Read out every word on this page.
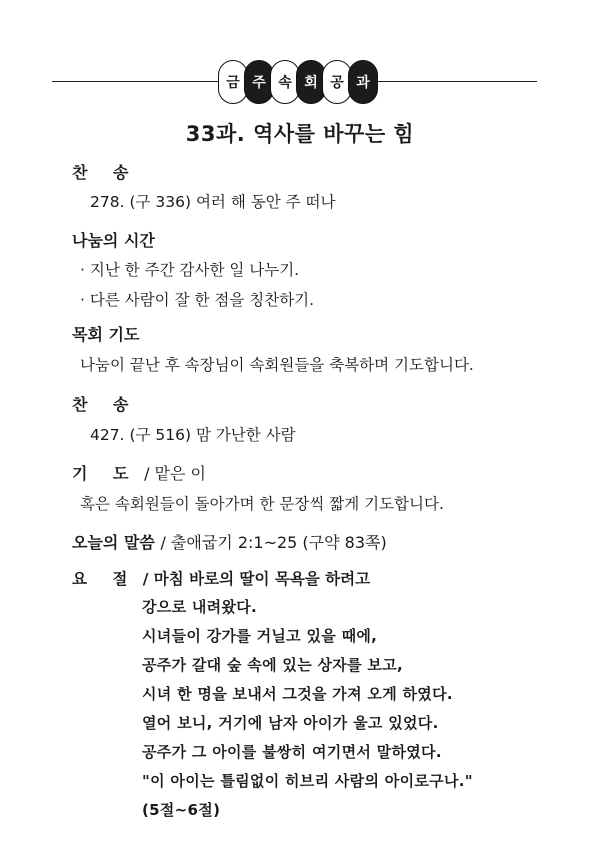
금 주 속 회 공 과
33과. 역사를 바꾸는 힘
찬 송
278. (구 336) 여러 해 동안 주 떠나
나눔의 시간
· 지난 한 주간 감사한 일 나누기.
· 다른 사람이 잘 한 점을 칭찬하기.
목회 기도
나눔이 끝난 후 속장님이 속회원들을 축복하며 기도합니다.
찬 송
427. (구 516) 맘 가난한 사람
기 도 / 맡은 이
혹은 속회원들이 돌아가며 한 문장씩 짧게 기도합니다.
오늘의 말씀 / 출애굽기 2:1~25 (구약 83쪽)
요 절 / 마침 바로의 딸이 목욕을 하려고
강으로 내려왔다.
시녀들이 강가를 거닐고 있을 때에,
공주가 갈대 숲 속에 있는 상자를 보고,
시녀 한 명을 보내서 그것을 가져 오게 하였다.
열어 보니, 거기에 남자 아이가 울고 있었다.
공주가 그 아이를 불쌍히 여기면서 말하였다.
"이 아이는 틀림없이 히브리 사람의 아이로구나."
(5절~6절)
